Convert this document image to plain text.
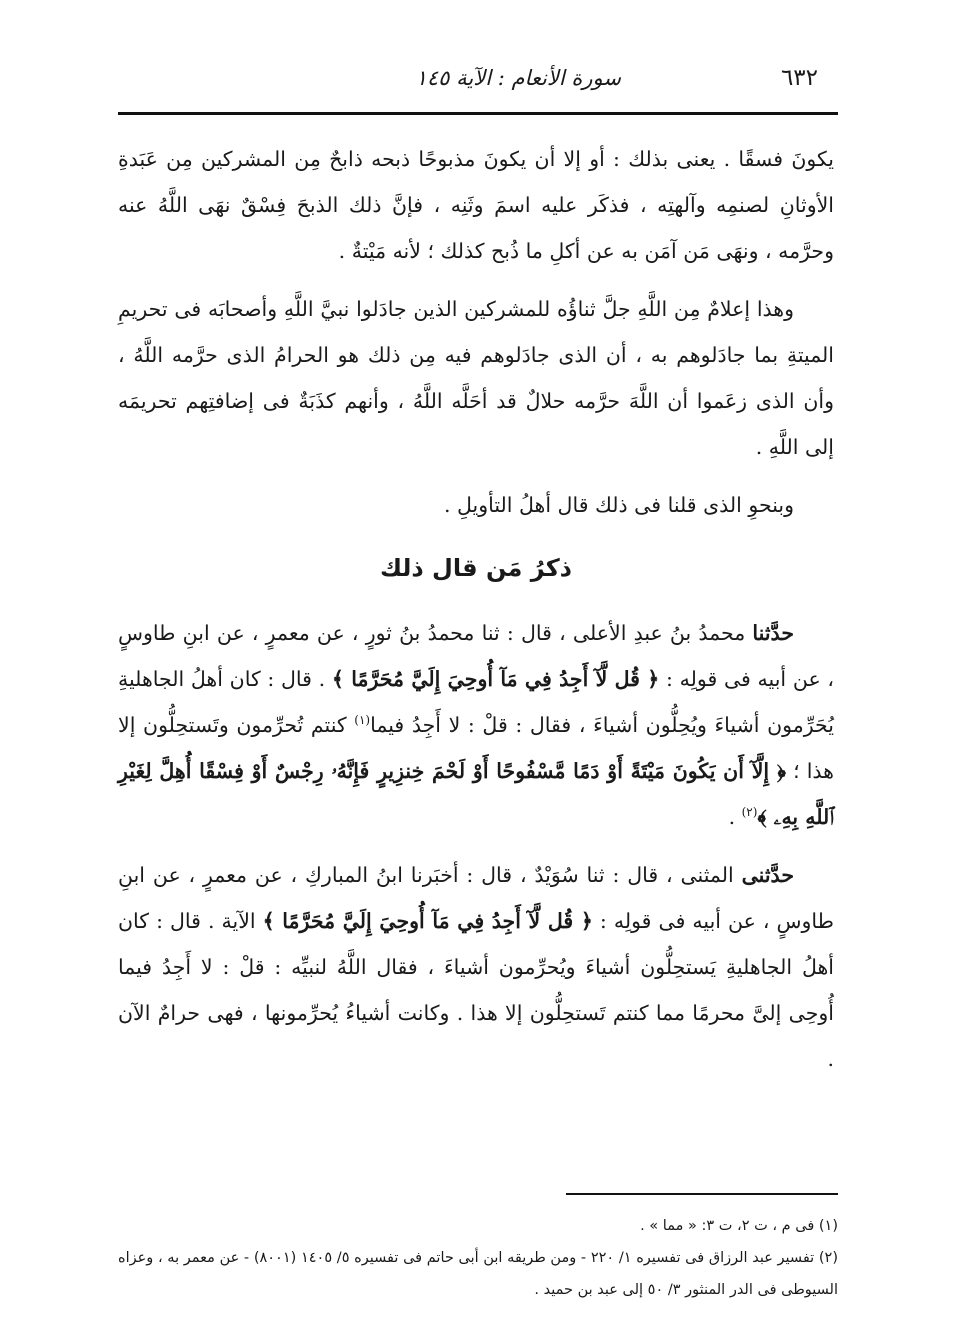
٦٣٢
سورة الأنعام : الآية ١٤٥

يكونَ فسقًا . يعنى بذلك : أو إلا أن يكونَ مذبوحًا ذبحه ذابحٌ مِن المشركين مِن عَبَدةِ الأوثانِ لصنمِه وآلهتِه ، فذكَر عليه اسمَ وثَنِه ، فإنَّ ذلك الذبحَ فِسْقٌ نهَى اللَّهُ عنه وحرَّمه ، ونهَى مَن آمَن به عن أكلِ ما ذُبح كذلك ؛ لأنه مَيْتةٌ .

وهذا إعلامٌ مِن اللَّهِ جلَّ ثناؤُه للمشركين الذين جادَلوا نبيَّ اللَّهِ وأصحابَه فى تحريمِ الميتةِ بما جادَلوهم به ، أن الذى جادَلوهم فيه مِن ذلك هو الحرامُ الذى حرَّمه اللَّهُ ، وأن الذى زعَموا أن اللَّهَ حرَّمه حلالٌ قد أحَلَّه اللَّهُ ، وأنهم كذَبَةٌ فى إضافتِهم تحريمَه إلى اللَّهِ .

وبنحوِ الذى قلنا فى ذلك قال أهلُ التأويلِ .

ذكرُ مَن قال ذلك

حدَّثنا محمدُ بنُ عبدِ الأعلى ، قال : ثنا محمدُ بنُ ثورٍ ، عن معمرٍ ، عن ابنِ طاوسٍ ، عن أبيه فى قولِه : ﴿ قُل لَّآ أَجِدُ فِي مَآ أُوحِيَ إِلَيَّ مُحَرَّمًا ﴾ . قال : كان أهلُ الجاهليةِ يُحَرِّمون أشياءَ ويُحِلُّون أشياءَ ، فقال : قلْ : لا أَجِدُ فيما$^{(١)}$ كنتم تُحرِّمون وتَستحِلُّون إلا هذا ؛ ﴿ إِلَّآ أَن يَكُونَ مَيْتَةً أَوْ دَمًا مَّسْفُوحًا أَوْ لَحْمَ خِنزِيرٍ فَإِنَّهُۥ رِجْسٌ أَوْ فِسْقًا أُهِلَّ لِغَيْرِ ٱللَّهِ بِهِۦ ﴾$^{(٢)}$ .

حدَّثنى المثنى ، قال : ثنا سُوَيْدٌ ، قال : أخبَرنا ابنُ المباركِ ، عن معمرٍ ، عن ابنِ طاوسٍ ، عن أبيه فى قولِه : ﴿ قُل لَّآ أَجِدُ فِي مَآ أُوحِيَ إِلَيَّ مُحَرَّمًا ﴾ الآية . قال : كان أهلُ الجاهليةِ يَستحِلُّون أشياءَ ويُحرِّمون أشياءَ ، فقال اللَّهُ لنبيِّه : قلْ : لا أَجِدُ فيما أُوحِى إلىَّ محرمًا مما كنتم تَستحِلُّون إلا هذا . وكانت أشياءُ يُحرِّمونها ، فهى حرامٌ الآن .

(١) فى م ، ت ٢، ت ٣: « مما » .

(٢) تفسير عبد الرزاق فى تفسيره ١/ ٢٢٠ - ومن طريقه ابن أبى حاتم فى تفسيره ٥/ ١٤٠٥ (٨٠٠١) - عن معمر به ، وعزاه السيوطى فى الدر المنثور ٣/ ٥٠ إلى عبد بن حميد .
